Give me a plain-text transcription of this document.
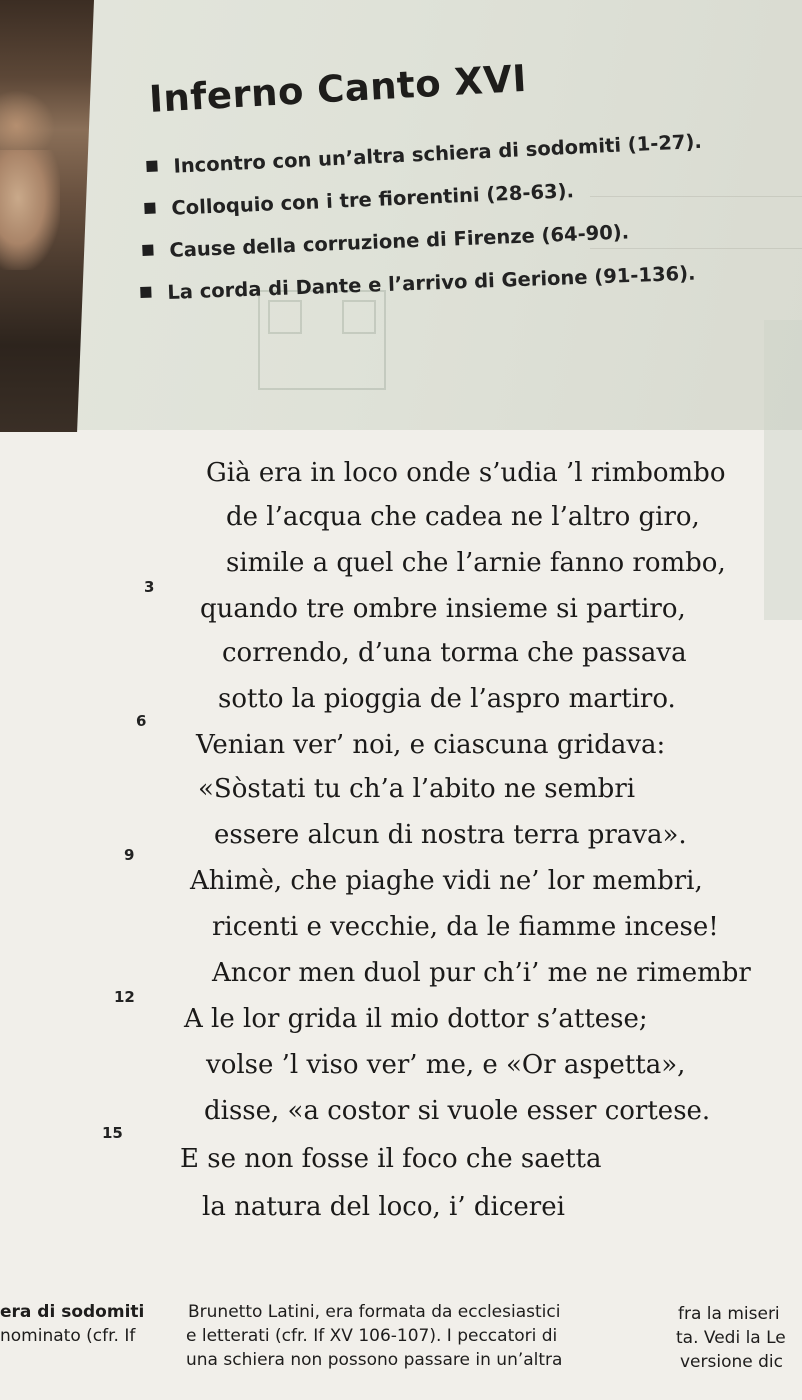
Inferno Canto XVI
Incontro con un’altra schiera di sodomiti (1-27).
Colloquio con i tre fiorentini (28-63).
Cause della corruzione di Firenze (64-90).
La corda di Dante e l’arrivo di Gerione (91-136).
Già era in loco onde s’udia ’l rimbombo
de l’acqua che cadea ne l’altro giro,
3
simile a quel che l’arnie fanno rombo,
quando tre ombre insieme si partiro,
correndo, d’una torma che passava
6
sotto la pioggia de l’aspro martiro.
Venian ver’ noi, e ciascuna gridava:
«Sòstati tu ch’a l’abito ne sembri
9
essere alcun di nostra terra prava».
Ahimè, che piaghe vidi ne’ lor membri,
ricenti e vecchie, da le fiamme incese!
12
Ancor men duol pur ch’i’ me ne rimembr
A le lor grida il mio dottor s’attese;
volse ’l viso ver’ me, e «Or aspetta»,
15
disse, «a costor si vuole esser cortese.
E se non fosse il foco che saetta
la natura del loco, i’ dicerei
era di sodomiti
nominato (cfr. If
Brunetto Latini, era formata da ecclesiastici
e letterati (cfr. If XV 106-107). I peccatori di
una schiera non possono passare in un’altra
fra la miseri
ta. Vedi la Le
versione dic
